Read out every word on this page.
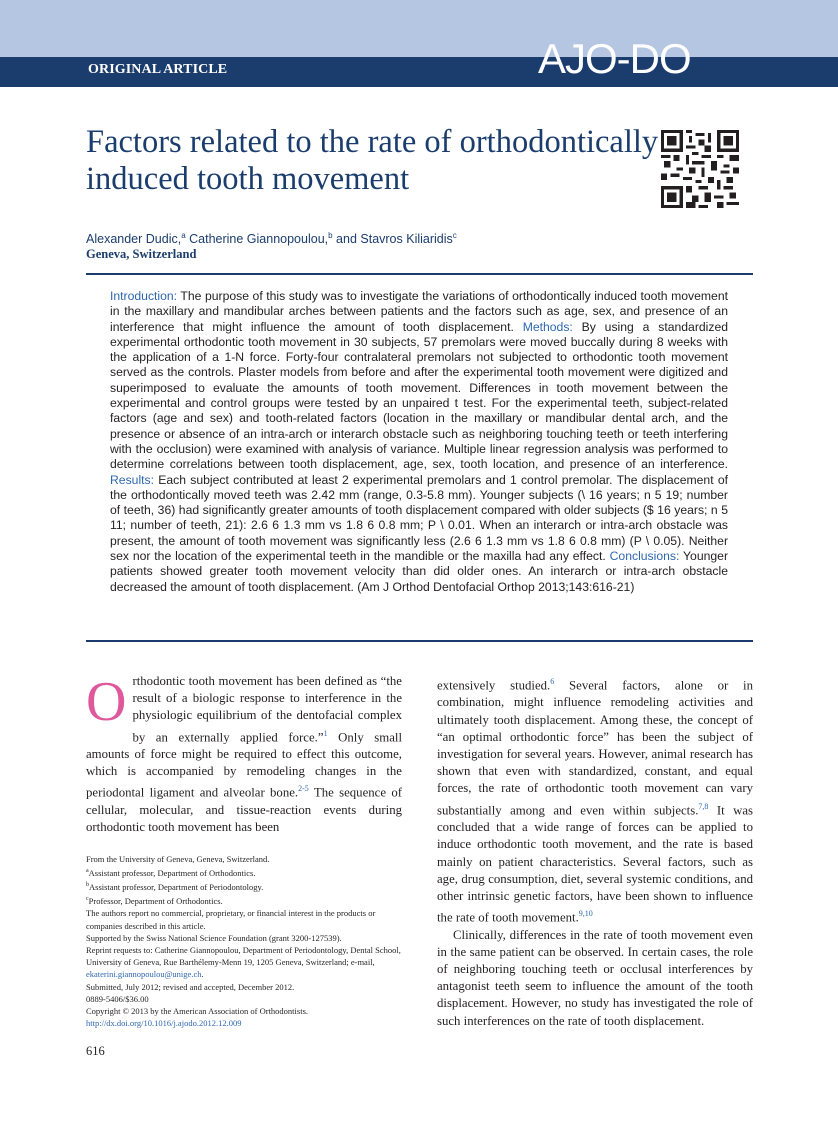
ORIGINAL ARTICLE	AJO-DO
Factors related to the rate of orthodontically induced tooth movement
Alexander Dudic,$^a$ Catherine Giannopoulou,$^b$ and Stavros Kiliaridis$^c$
Geneva, Switzerland

Introduction: The purpose of this study was to investigate the variations of orthodontically induced tooth movement in the maxillary and mandibular arches between patients and the factors such as age, sex, and presence of an interference that might influence the amount of tooth displacement. Methods: By using a standardized experimental orthodontic tooth movement in 30 subjects, 57 premolars were moved buccally during 8 weeks with the application of a 1-N force. Forty-four contralateral premolars not subjected to orthodontic tooth movement served as the controls. Plaster models from before and after the experimental tooth movement were digitized and superimposed to evaluate the amounts of tooth movement. Differences in tooth movement between the experimental and control groups were tested by an unpaired t test. For the experimental teeth, subject-related factors (age and sex) and tooth-related factors (location in the maxillary or mandibular dental arch, and the presence or absence of an intra-arch or interarch obstacle such as neighboring touching teeth or teeth interfering with the occlusion) were examined with analysis of variance. Multiple linear regression analysis was performed to determine correlations between tooth displacement, age, sex, tooth location, and presence of an interference. Results: Each subject contributed at least 2 experimental premolars and 1 control premolar. The displacement of the orthodontically moved teeth was 2.42 mm (range, 0.3-5.8 mm). Younger subjects (\ 16 years; n 5 19; number of teeth, 36) had significantly greater amounts of tooth displacement compared with older subjects ($ 16 years; n 5 11; number of teeth, 21): 2.6 6 1.3 mm vs 1.8 6 0.8 mm; P \ 0.01. When an interarch or intra-arch obstacle was present, the amount of tooth movement was significantly less (2.6 6 1.3 mm vs 1.8 6 0.8 mm) (P \ 0.05). Neither sex nor the location of the experimental teeth in the mandible or the maxilla had any effect. Conclusions: Younger patients showed greater tooth movement velocity than did older ones. An interarch or intra-arch obstacle decreased the amount of tooth displacement. (Am J Orthod Dentofacial Orthop 2013;143:616-21)

Orthodontic tooth movement has been defined as “the result of a biologic response to interference in the physiologic equilibrium of the dentofacial complex by an externally applied force.”$^1$ Only small amounts of force might be required to effect this outcome, which is accompanied by remodeling changes in the periodontal ligament and alveolar bone.$^{2-5}$ The sequence of cellular, molecular, and tissue-reaction events during orthodontic tooth movement has been

extensively studied.$^6$ Several factors, alone or in combination, might influence remodeling activities and ultimately tooth displacement. Among these, the concept of “an optimal orthodontic force” has been the subject of investigation for several years. However, animal research has shown that even with standardized, constant, and equal forces, the rate of orthodontic tooth movement can vary substantially among and even within subjects.$^{7,8}$ It was concluded that a wide range of forces can be applied to induce orthodontic tooth movement, and the rate is based mainly on patient characteristics. Several factors, such as age, drug consumption, diet, several systemic conditions, and other intrinsic genetic factors, have been shown to influence the rate of tooth movement.$^{9,10}$

Clinically, differences in the rate of tooth movement even in the same patient can be observed. In certain cases, the role of neighboring touching teeth or occlusal interferences by antagonist teeth seem to influence the amount of the tooth displacement. However, no study has investigated the role of such interferences on the rate of tooth displacement.

From the University of Geneva, Geneva, Switzerland.
$^a$Assistant professor, Department of Orthodontics.
$^b$Assistant professor, Department of Periodontology.
$^c$Professor, Department of Orthodontics.
The authors report no commercial, proprietary, or financial interest in the products or companies described in this article.
Supported by the Swiss National Science Foundation (grant 3200-127539).
Reprint requests to: Catherine Giannopoulou, Department of Periodontology, Dental School, University of Geneva, Rue Barthélemy-Menn 19, 1205 Geneva, Switzerland; e-mail, ekaterini.giannopoulou@unige.ch.
Submitted, July 2012; revised and accepted, December 2012.
0889-5406/$36.00
Copyright © 2013 by the American Association of Orthodontists.
http://dx.doi.org/10.1016/j.ajodo.2012.12.009
616
